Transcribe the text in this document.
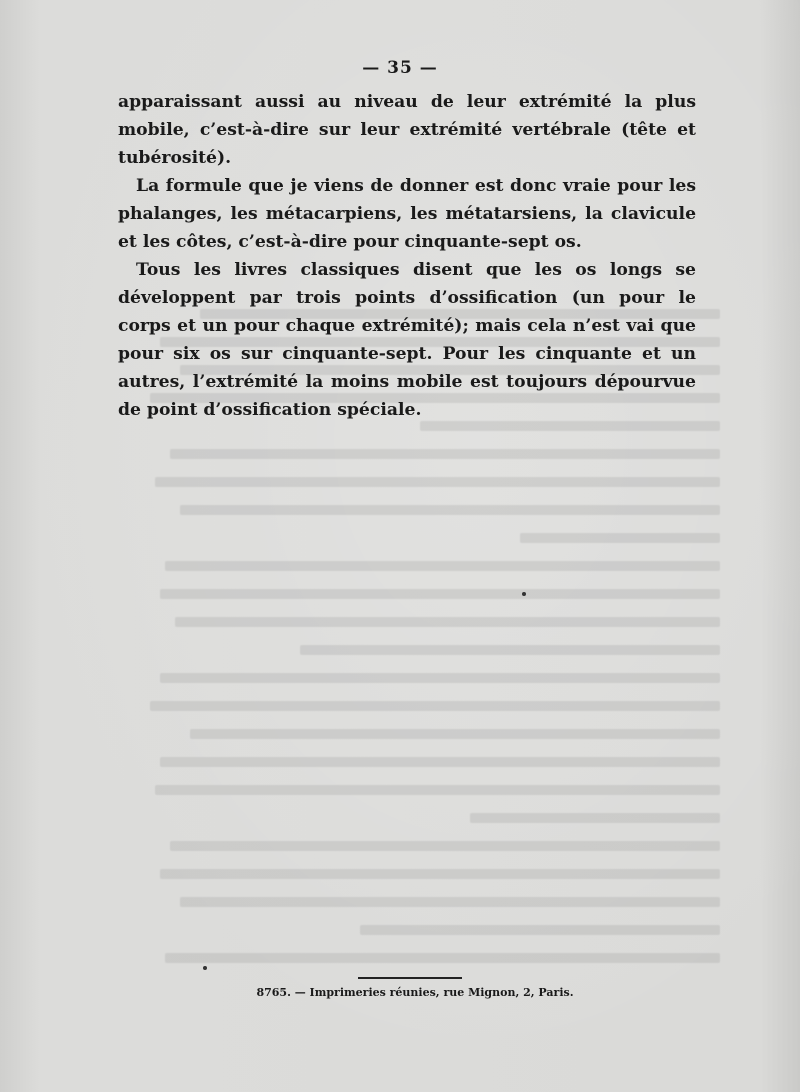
— 35 —

apparaissant aussi au niveau de leur extrémité la plus mobile, c’est-à-dire sur leur extrémité vertébrale (tête et tubérosité).

La formule que je viens de donner est donc vraie pour les phalanges, les métacarpiens, les métatarsiens, la clavicule et les côtes, c’est-à-dire pour cinquante-sept os.

Tous les livres classiques disent que les os longs se développent par trois points d’ossification (un pour le corps et un pour chaque extrémité); mais cela n’est vai que pour six os sur cinquante-sept. Pour les cinquante et un autres, l’extrémité la moins mobile est toujours dépourvue de point d’ossification spéciale.

8765. — Imprimeries réunies, rue Mignon, 2, Paris.
